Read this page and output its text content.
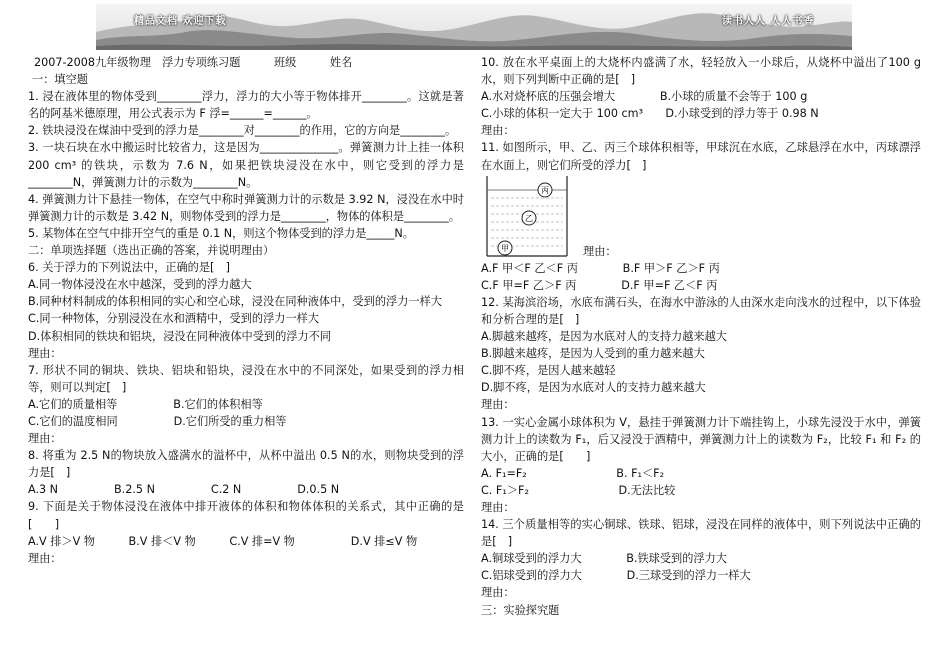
精品文档 欢迎下载	读书人人 人人书香

2007-2008九年级物理　浮力专项练习题　　　班级　　　姓名

一：填空题

1. 浸在液体里的物体受到________浮力，浮力的大小等于物体排开________。这就是著名的阿基米德原理，用公式表示为 F 浮=______=______。

2. 铁块浸没在煤油中受到的浮力是________对________的作用，它的方向是________。

3. 一块石块在水中搬运时比较省力，这是因为______________。弹簧测力计上挂一体积 200 cm³ 的铁块，示数为 7.6 N，如果把铁块浸没在水中，则它受到的浮力是________N，弹簧测力计的示数为________N。

4. 弹簧测力计下悬挂一物体，在空气中称时弹簧测力计的示数是 3.92 N，浸没在水中时弹簧测力计的示数是 3.42 N，则物体受到的浮力是________，物体的体积是________。

5. 某物体在空气中排开空气的重是 0.1 N，则这个物体受到的浮力是_____N。

二：单项选择题（选出正确的答案，并说明理由）

6. 关于浮力的下列说法中，正确的是[　]

A.同一物体浸没在水中越深，受到的浮力越大

B.同种材料制成的体积相同的实心和空心球，浸没在同种液体中，受到的浮力一样大

C.同一种物体，分别浸没在水和酒精中，受到的浮力一样大

D.体积相同的铁块和铝块，浸没在同种液体中受到的浮力不同

理由：

7. 形状不同的铜块、铁块、铝块和铅块，浸没在水中的不同深处，如果受到的浮力相等，则可以判定[　]

A.它们的质量相等　　　　　B.它们的体积相等

C.它们的温度相同　　　　　D.它们所受的重力相等

理由：

8. 将重为 2.5 N的物块放入盛满水的溢杯中，从杯中溢出 0.5 N的水，则物块受到的浮力是[　]

A.3 N　　　　　B.2.5 N　　　　　C.2 N　　　　　D.0.5 N

9. 下面是关于物体浸没在液体中排开液体的体积和物体体积的关系式，其中正确的是[　　]

A.V 排＞V 物　　　B.V 排＜V 物　　　C.V 排=V 物　　　　　D.V 排≤V 物

理由：

10. 放在水平桌面上的大烧杯内盛满了水，轻轻放入一小球后，从烧杯中溢出了100 g水，则下列判断中正确的是[　]

A.水对烧杯底的压强会增大　　　　B.小球的质量不会等于 100 g

C.小球的体积一定大于 100 cm³　　D.小球受到的浮力等于 0.98 N

理由：

11. 如图所示，甲、乙、丙三个球体积相等，甲球沉在水底，乙球悬浮在水中，丙球漂浮在水面上，则它们所受的浮力[　]

丙
乙
甲	理由：

A.F 甲＜F 乙＜F 丙　　　　B.F 甲＞F 乙＞F 丙

C.F 甲=F 乙＞F 丙　　　　D.F 甲=F 乙＜F 丙

12. 某海滨浴场，水底布满石头，在海水中游泳的人由深水走向浅水的过程中，以下体验和分析合理的是[　]

A.脚越来越疼，是因为水底对人的支持力越来越大

B.脚越来越疼，是因为人受到的重力越来越大

C.脚不疼，是因人越来越轻

D.脚不疼，是因为水底对人的支持力越来越大

理由：

13. 一实心金属小球体积为 V，悬挂于弹簧测力计下端挂钩上，小球先浸没于水中，弹簧测力计上的读数为 F₁，后又浸没于酒精中，弹簧测力计上的读数为 F₂，比较 F₁ 和 F₂ 的大小，正确的是[　　]

A. F₁=F₂　　　　　　　　B. F₁＜F₂

C. F₁＞F₂　　　　　　　　D.无法比较

理由：

14. 三个质量相等的实心铜球、铁球、铝球，浸没在同样的液体中，则下列说法中正确的是[　]

A.铜球受到的浮力大　　　　B.铁球受到的浮力大

C.铝球受到的浮力大　　　　D.三球受到的浮力一样大

理由：

三：实验探究题
